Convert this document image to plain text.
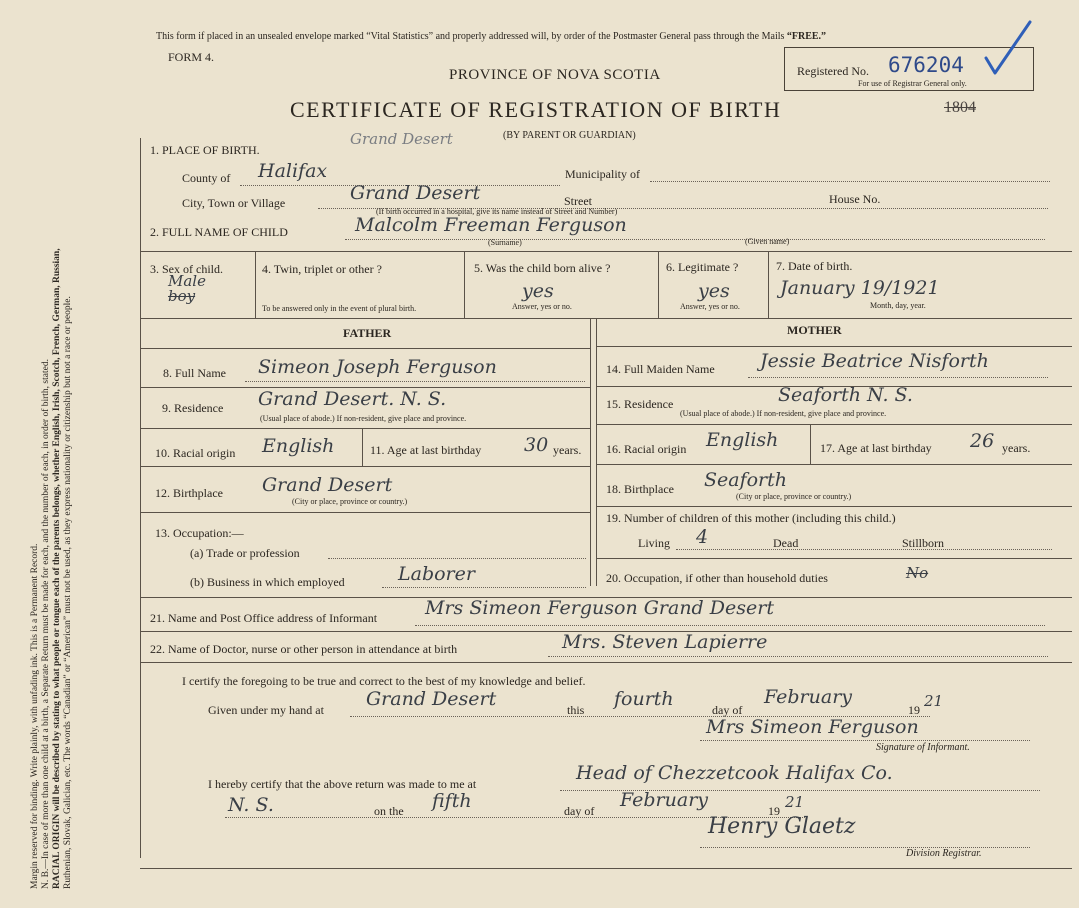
Margin reserved for binding. Write plainly, with unfading ink. This is a Permanent Record. N. B.—In case of more than one child at a birth, a Separate Return must be made for each, and the number of each, in order of birth, stated. RACIAL ORIGIN will be described by stating to what people or tongue each of the parents belongs, whether English, Irish, Scotch, French, German, Russian, Ruthenian, Slovak, Galician, etc. The words “Canadian” or “American” must not be used, as they express nationality or citizenship but not a race or people.
This form if placed in an unsealed envelope marked “Vital Statistics” and properly addressed will, by order of the Postmaster General pass through the Mails “FREE.”
FORM 4.
PROVINCE OF NOVA SCOTIA
CERTIFICATE OF REGISTRATION OF BIRTH
(BY PARENT OR GUARDIAN)
Registered No. 676204
For use of Registrar General only.
1804
1. PLACE OF BIRTH.
Grand Desert
County of Halifax	Municipality of
City, Town or Village	Grand Desert	Street	House No.
(If birth occurred in a hospital, give its name instead of Street and Number)
2. FULL NAME OF CHILD	Malcolm Freeman Ferguson
(Surname)	(Given name)
3. Sex of child.
Male
boy
4. Twin, triplet or other ?
To be answered only in the event of plural birth.
5. Was the child born alive ?
yes
Answer, yes or no.
6. Legitimate ?
yes
Answer, yes or no.
7. Date of birth.
January 19/1921
Month, day, year.
FATHER	MOTHER
8. Full Name Simeon Joseph Ferguson
9. Residence Grand Desert. N. S.
(Usual place of abode.) If non-resident, give place and province.
10. Racial origin English	11. Age at last birthday 30 years.
12. Birthplace Grand Desert
(City or place, province or country.)
13. Occupation:—
(a) Trade or profession
(b) Business in which employed	Laborer
14. Full Maiden Name Jessie Beatrice Nisforth
15. Residence	Seaforth N. S.
(Usual place of abode.) If non-resident, give place and province.
16. Racial origin English	17. Age at last birthday 26 years.
18. Birthplace Seaforth
(City or place, province or country.)
19. Number of children of this mother (including this child.)
Living 4	Dead	Stillborn
20. Occupation, if other than household duties	No
21. Name and Post Office address of Informant	Mrs Simeon Ferguson Grand Desert
22. Name of Doctor, nurse or other person in attendance at birth	Mrs. Steven Lapierre
I certify the foregoing to be true and correct to the best of my knowledge and belief.
Given under my hand at Grand Desert	this fourth	day of
February
19 21
Mrs Simeon Ferguson
Signature of Informant.
I hereby certify that the above return was made to me at	Head of Chezzetcook Halifax Co.
N. S.	on the fifth	day of February	19 21
Henry Glaetz
Division Registrar.
